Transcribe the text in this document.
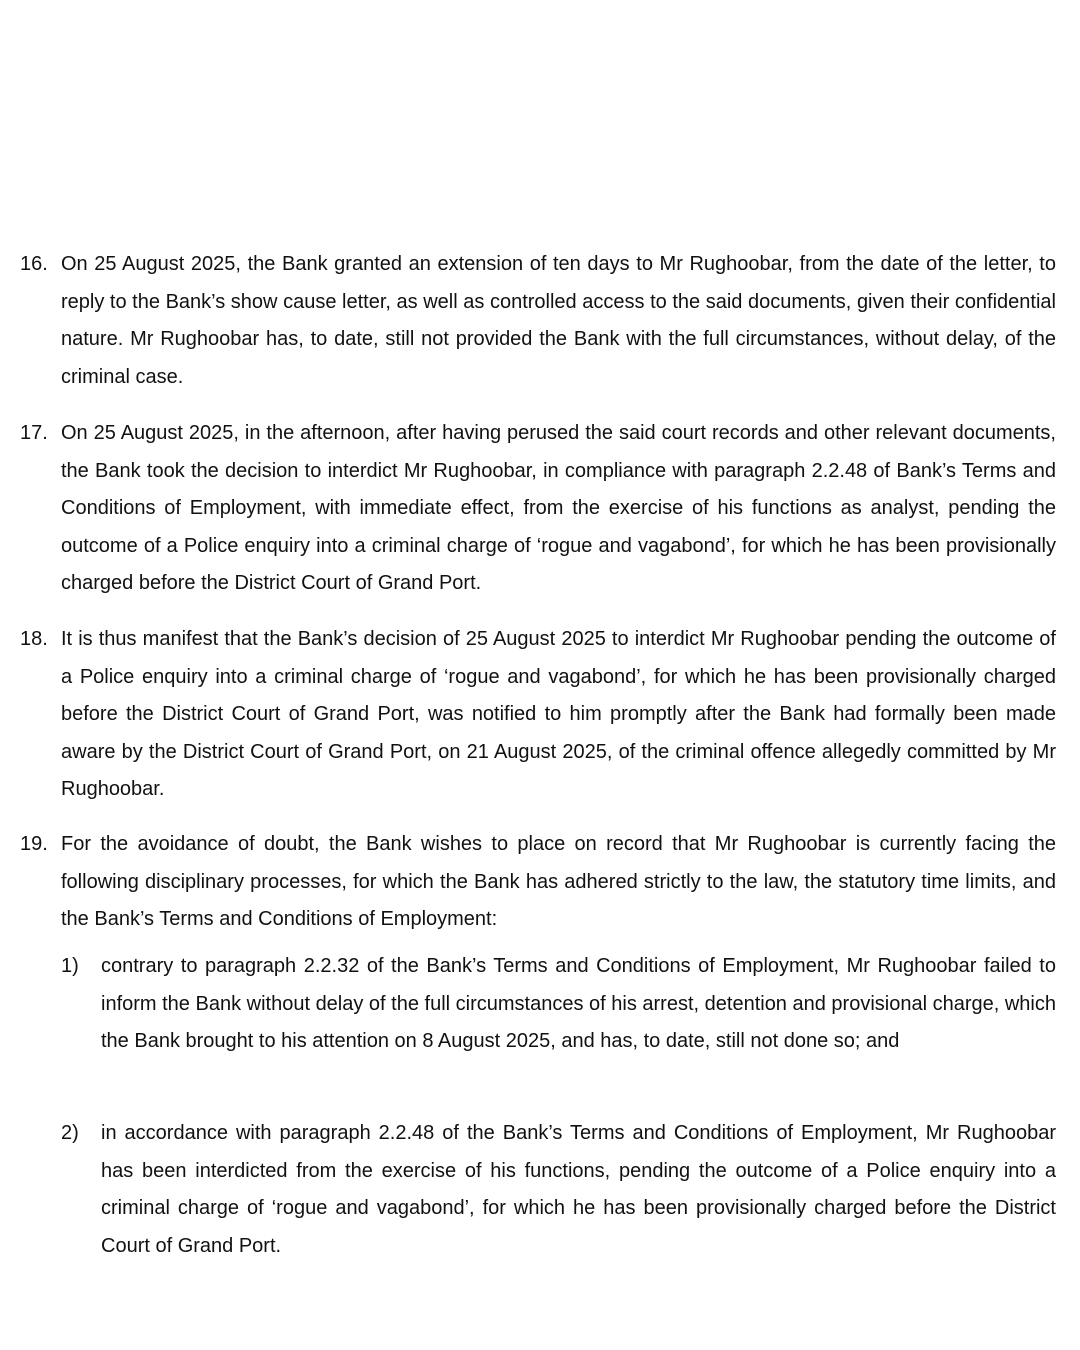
16. On 25 August 2025, the Bank granted an extension of ten days to Mr Rughoobar, from the date of the letter, to reply to the Bank’s show cause letter, as well as controlled access to the said documents, given their confidential nature. Mr Rughoobar has, to date, still not provided the Bank with the full circumstances, without delay, of the criminal case.
17. On 25 August 2025, in the afternoon, after having perused the said court records and other relevant documents, the Bank took the decision to interdict Mr Rughoobar, in compliance with paragraph 2.2.48 of Bank’s Terms and Conditions of Employment, with immediate effect, from the exercise of his functions as analyst, pending the outcome of a Police enquiry into a criminal charge of ‘rogue and vagabond’, for which he has been provisionally charged before the District Court of Grand Port.
18. It is thus manifest that the Bank’s decision of 25 August 2025 to interdict Mr Rughoobar pending the outcome of a Police enquiry into a criminal charge of ‘rogue and vagabond’, for which he has been provisionally charged before the District Court of Grand Port, was notified to him promptly after the Bank had formally been made aware by the District Court of Grand Port, on 21 August 2025, of the criminal offence allegedly committed by Mr Rughoobar.
19. For the avoidance of doubt, the Bank wishes to place on record that Mr Rughoobar is currently facing the following disciplinary processes, for which the Bank has adhered strictly to the law, the statutory time limits, and the Bank’s Terms and Conditions of Employment:
1)	contrary to paragraph 2.2.32 of the Bank’s Terms and Conditions of Employment, Mr Rughoobar failed to inform the Bank without delay of the full circumstances of his arrest, detention and provisional charge, which the Bank brought to his attention on 8 August 2025, and has, to date, still not done so; and
2)	in accordance with paragraph 2.2.48 of the Bank’s Terms and Conditions of Employment, Mr Rughoobar has been interdicted from the exercise of his functions, pending the outcome of a Police enquiry into a criminal charge of ‘rogue and vagabond’, for which he has been provisionally charged before the District Court of Grand Port.
